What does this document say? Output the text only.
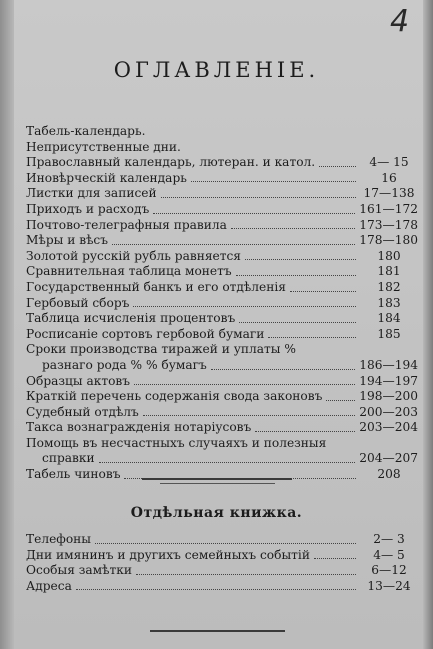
4
ОГЛАВЛЕНІЕ.
Табель-календарь.
Неприсутственные дни.
Православный календарь, лютеран. и катол.	4— 15
Иновѣрческій календарь	16
Листки для записей	17—138
Приходъ и расходъ	161—172
Почтово-телеграфныя правила	173—178
Мѣры и вѣсъ	178—180
Золотой русскій рубль равняется	180
Сравнительная таблица монетъ	181
Государственный банкъ и его отдѣленія	182
Гербовый сборъ	183
Таблица исчисленія процентовъ	184
Росписаніе сортовъ гербовой бумаги	185
Сроки производства тиражей и уплаты %
разнаго рода % % бумагъ	186—194
Образцы актовъ	194—197
Краткій перечень содержанія свода законовъ	198—200
Судебный отдѣлъ	200—203
Такса вознагражденія нотаріусовъ	203—204
Помощь въ несчастныхъ случаяхъ и полезныя
справки	204—207
Табель чиновъ	208
Отдѣльная книжка.
Телефоны	2— 3
Дни имянинъ и другихъ семейныхъ событій	4— 5
Особыя замѣтки	6—12
Адреса	13—24
